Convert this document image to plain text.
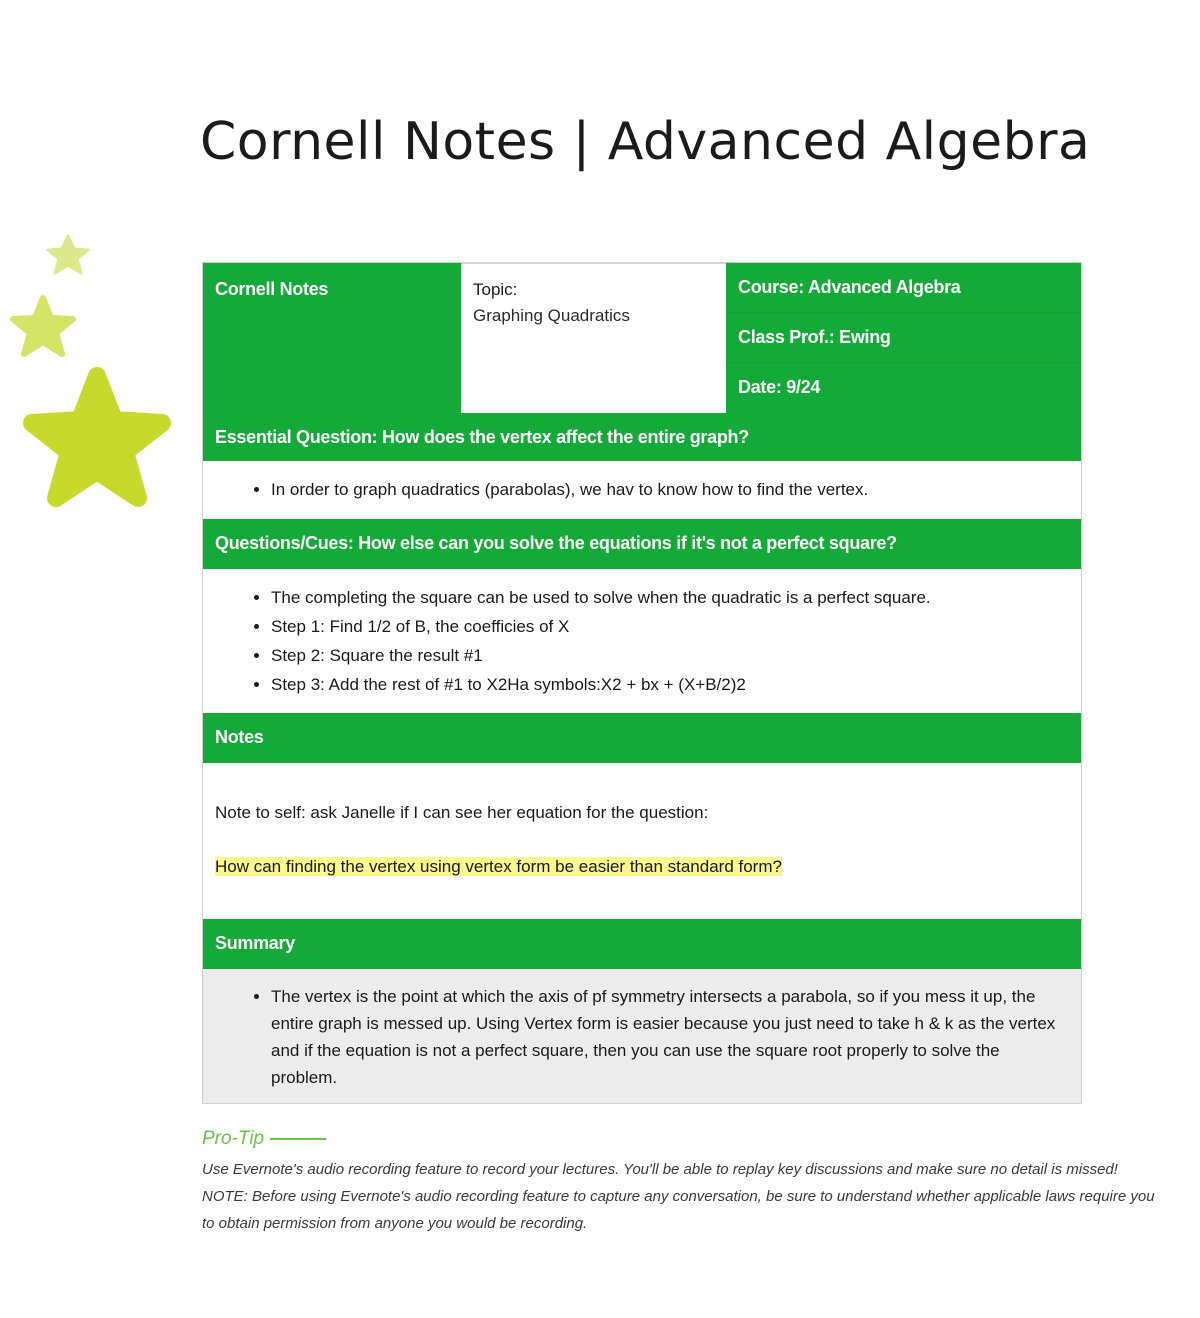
Cornell Notes | Advanced Algebra
Cornell Notes	Topic:
Graphing Quadratics
Course: Advanced Algebra
Class Prof.: Ewing
Date: 9/24
Essential Question: How does the vertex affect the entire graph?
• In order to graph quadratics (parabolas), we hav to know how to find the vertex.
Questions/Cues: How else can you solve the equations if it's not a perfect square?
• The completing the square can be used to solve when the quadratic is a perfect square.
• Step 1: Find 1/2 of B, the coefficies of X
• Step 2: Square the result #1
• Step 3: Add the rest of #1 to X2Ha symbols:X2 + bx + (X+B/2)2
Notes

Note to self: ask Janelle if I can see her equation for the question:

How can finding the vertex using vertex form be easier than standard form?

Summary
• The vertex is the point at which the axis of pf symmetry intersects a parabola, so if you mess it up, the entire graph is messed up. Using Vertex form is easier because you just need to take h & k as the vertex and if the equation is not a perfect square, then you can use the square root properly to solve the problem.
Pro-Tip

Use Evernote's audio recording feature to record your lectures. You'll be able to replay key discussions and make sure no detail is missed!

NOTE: Before using Evernote's audio recording feature to capture any conversation, be sure to understand whether applicable laws require you to obtain permission from anyone you would be recording.
